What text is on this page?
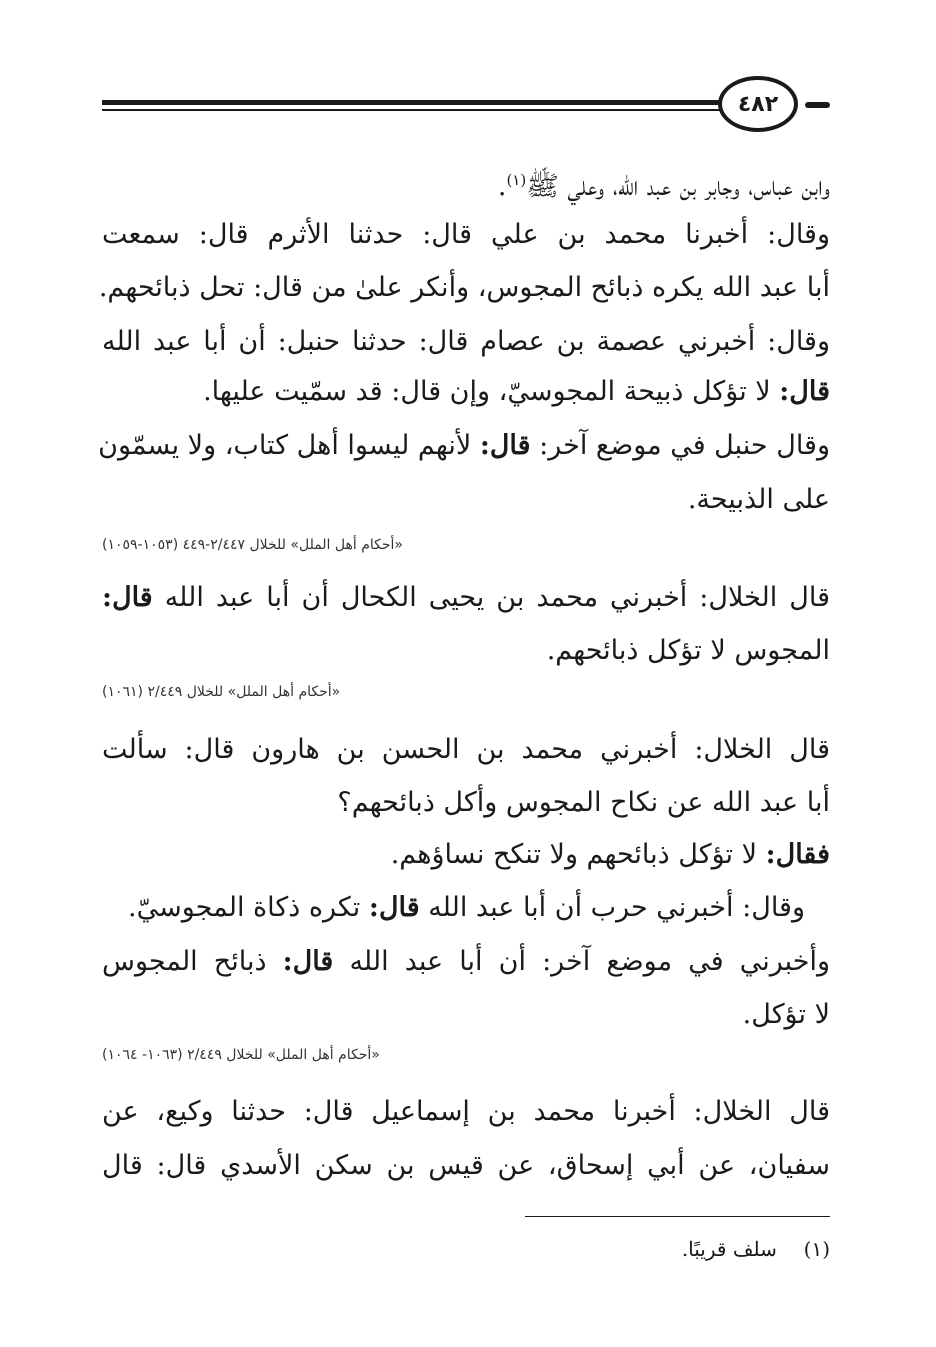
٤٨٢
وابن عباس، وجابر بن عبد الله، وعلي ﷺ$^{(١)}$.
وقال: أخبرنا محمد بن علي قال: حدثنا الأثرم قال: سمعت
أبا عبد الله يكره ذبائح المجوس، وأنكر علىٰ من قال: تحل ذبائحهم.
وقال: أخبرني عصمة بن عصام قال: حدثنا حنبل: أن أبا عبد الله
قال: لا تؤكل ذبيحة المجوسيّ، وإن قال: قد سمّيت عليها.
وقال حنبل في موضع آخر: قال: لأنهم ليسوا أهل كتاب، ولا يسمّون
على الذبيحة.
«أحكام أهل الملل» للخلال ٢/٤٤٧-٤٤٩ (١٠٥٣-١٠٥٩)
قال الخلال: أخبرني محمد بن يحيى الكحال أن أبا عبد الله قال:
المجوس لا تؤكل ذبائحهم.
«أحكام أهل الملل» للخلال ٢/٤٤٩ (١٠٦١)
قال الخلال: أخبرني محمد بن الحسن بن هارون قال: سألت
أبا عبد الله عن نكاح المجوس وأكل ذبائحهم؟
فقال: لا تؤكل ذبائحهم ولا تنكح نساؤهم.
وقال: أخبرني حرب أن أبا عبد الله قال: تكره ذكاة المجوسيّ.
وأخبرني في موضع آخر: أن أبا عبد الله قال: ذبائح المجوس
لا تؤكل.
«أحكام أهل الملل» للخلال ٢/٤٤٩ (١٠٦٣- ١٠٦٤)
قال الخلال: أخبرنا محمد بن إسماعيل قال: حدثنا وكيع، عن
سفيان، عن أبي إسحاق، عن قيس بن سكن الأسدي قال: قال
(١)  سلف قريبًا.
